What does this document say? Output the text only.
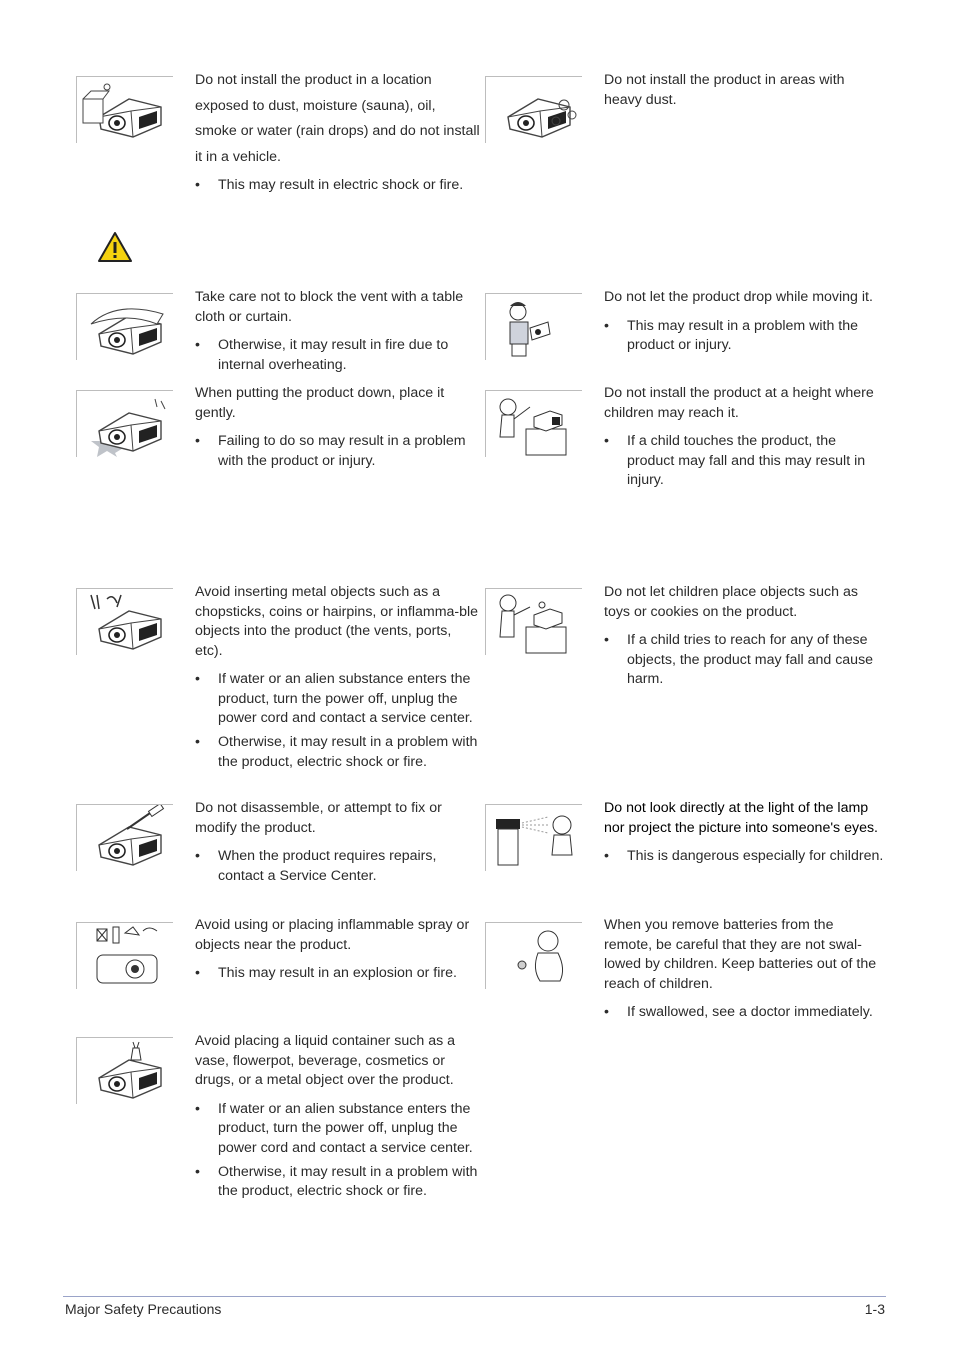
Do not install the product in a location exposed to dust, moisture (sauna), oil, smoke or water (rain drops) and do not install it in a vehicle.

• This may result in electric shock or fire.

Do not install the product in areas with heavy dust.

Take care not to block the vent with a table cloth or curtain.

• Otherwise, it may result in fire due to internal overheating.

Do not let the product drop while moving it.

• This may result in a problem with the product or injury.

When putting the product down, place it gently.

• Failing to do so may result in a problem with the product or injury.

Do not install the product at a height where children may reach it.

• If a child touches the product, the product may fall and this may result in injury.

Avoid inserting metal objects such as a chopsticks, coins or hairpins, or inflamma-ble objects into the product (the vents, ports, etc).

• If water or an alien substance enters the product, turn the power off, unplug the power cord and contact a service center.
• Otherwise, it may result in a problem with the product, electric shock or fire.

Do not let children place objects such as toys or cookies on the product.

• If a child tries to reach for any of these objects, the product may fall and cause harm.

Do not disassemble, or attempt to fix or modify the product.

• When the product requires repairs, contact a Service Center.

Do not look directly at the light of the lamp nor project the picture into someone's eyes.

• This is dangerous especially for children.

Avoid using or placing inflammable spray or objects near the product.

• This may result in an explosion or fire.

When you remove batteries from the remote, be careful that they are not swal-lowed by children. Keep batteries out of the reach of children.

• If swallowed, see a doctor immediately.

Avoid placing a liquid container such as a vase, flowerpot, beverage, cosmetics or drugs, or a metal object over the product.

• If water or an alien substance enters the product, turn the power off, unplug the power cord and contact a service center.
• Otherwise, it may result in a problem with the product, electric shock or fire.
Major Safety Precautions	1-3
